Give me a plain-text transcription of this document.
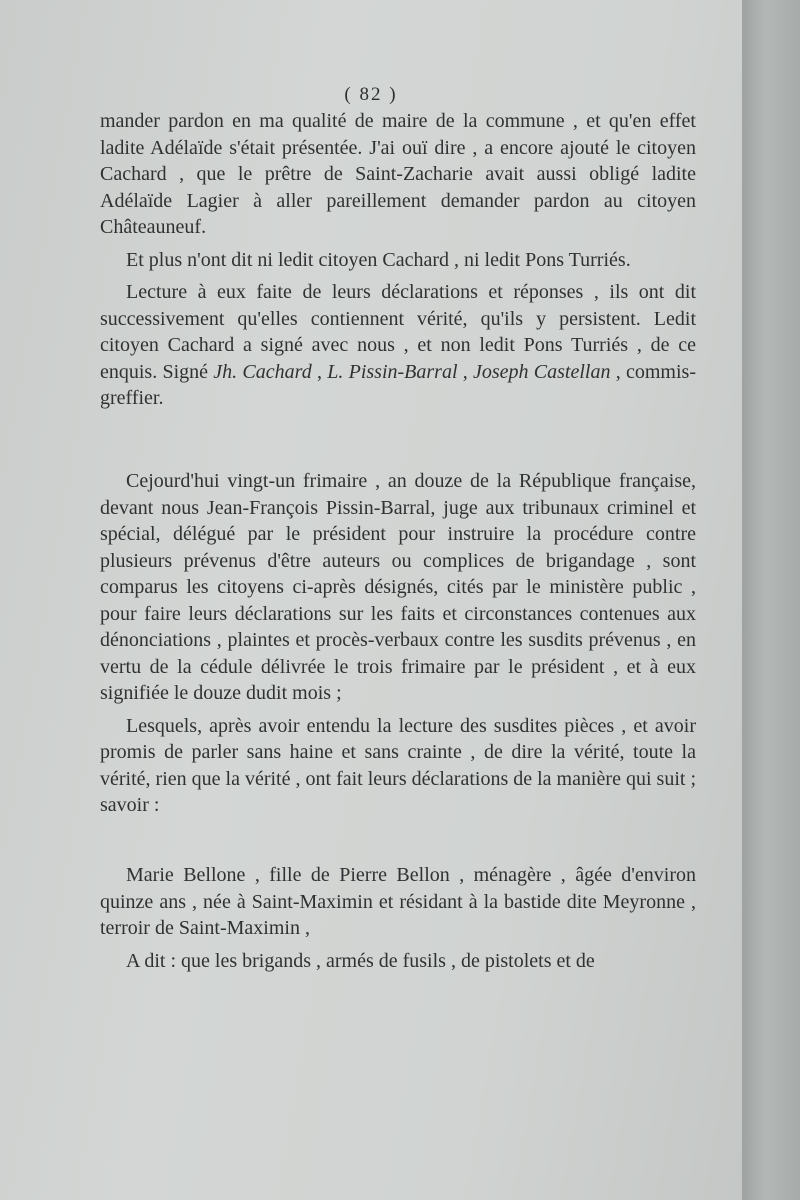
( 82 )

mander pardon en ma qualité de maire de la commune , et qu'en effet ladite Adélaïde s'était présentée. J'ai ouï dire , a encore ajouté le citoyen Cachard , que le prêtre de Saint-Zacharie avait aussi obligé ladite Adélaïde Lagier à aller pareillement demander pardon au citoyen Châteauneuf.

Et plus n'ont dit ni ledit citoyen Cachard , ni ledit Pons Turriés.

Lecture à eux faite de leurs déclarations et réponses , ils ont dit successivement qu'elles contiennent vérité, qu'ils y persistent. Ledit citoyen Cachard a signé avec nous , et non ledit Pons Turriés , de ce enquis. Signé Jh. Cachard , L. Pissin-Barral , Joseph Castellan , commis-greffier.

Cejourd'hui vingt-un frimaire , an douze de la République française, devant nous Jean-François Pissin-Barral, juge aux tribunaux criminel et spécial, délégué par le président pour instruire la procédure contre plusieurs prévenus d'être auteurs ou complices de brigandage , sont comparus les citoyens ci-après désignés, cités par le ministère public , pour faire leurs déclarations sur les faits et circonstances contenues aux dénonciations , plaintes et procès-verbaux contre les susdits prévenus , en vertu de la cédule délivrée le trois frimaire par le président , et à eux signifiée le douze dudit mois ;

Lesquels, après avoir entendu la lecture des susdites pièces , et avoir promis de parler sans haine et sans crainte , de dire la vérité, toute la vérité, rien que la vérité , ont fait leurs déclarations de la manière qui suit ; savoir :

Marie Bellone , fille de Pierre Bellon , ménagère , âgée d'environ quinze ans , née à Saint-Maximin et résidant à la bastide dite Meyronne , terroir de Saint-Maximin ,

A dit : que les brigands , armés de fusils , de pistolets et de
